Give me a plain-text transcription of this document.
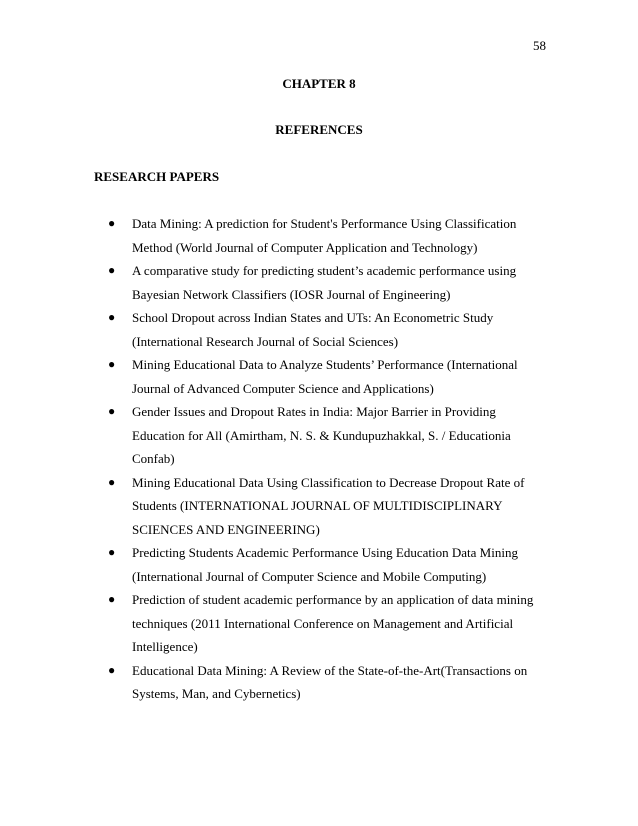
58
CHAPTER 8
REFERENCES
RESEARCH PAPERS
● Data Mining: A prediction for Student's Performance Using Classification Method (World Journal of Computer Application and Technology)
● A comparative study for predicting student’s academic performance using Bayesian Network Classifiers (IOSR Journal of Engineering)
● School Dropout across Indian States and UTs: An Econometric Study (International Research Journal of Social Sciences)
● Mining Educational Data to Analyze Students’ Performance (International Journal of Advanced Computer Science and Applications)
● Gender Issues and Dropout Rates in India: Major Barrier in Providing Education for All (Amirtham, N. S. & Kundupuzhakkal, S. / Educationia Confab)
● Mining Educational Data Using Classification to Decrease Dropout Rate of Students (INTERNATIONAL JOURNAL OF MULTIDISCIPLINARY SCIENCES AND ENGINEERING)
● Predicting Students Academic Performance Using Education Data Mining (International Journal of Computer Science and Mobile Computing)
● Prediction of student academic performance by an application of data mining techniques (2011 International Conference on Management and Artificial Intelligence)
● Educational Data Mining: A Review of the State-of-the-Art(Transactions on Systems, Man, and Cybernetics)
